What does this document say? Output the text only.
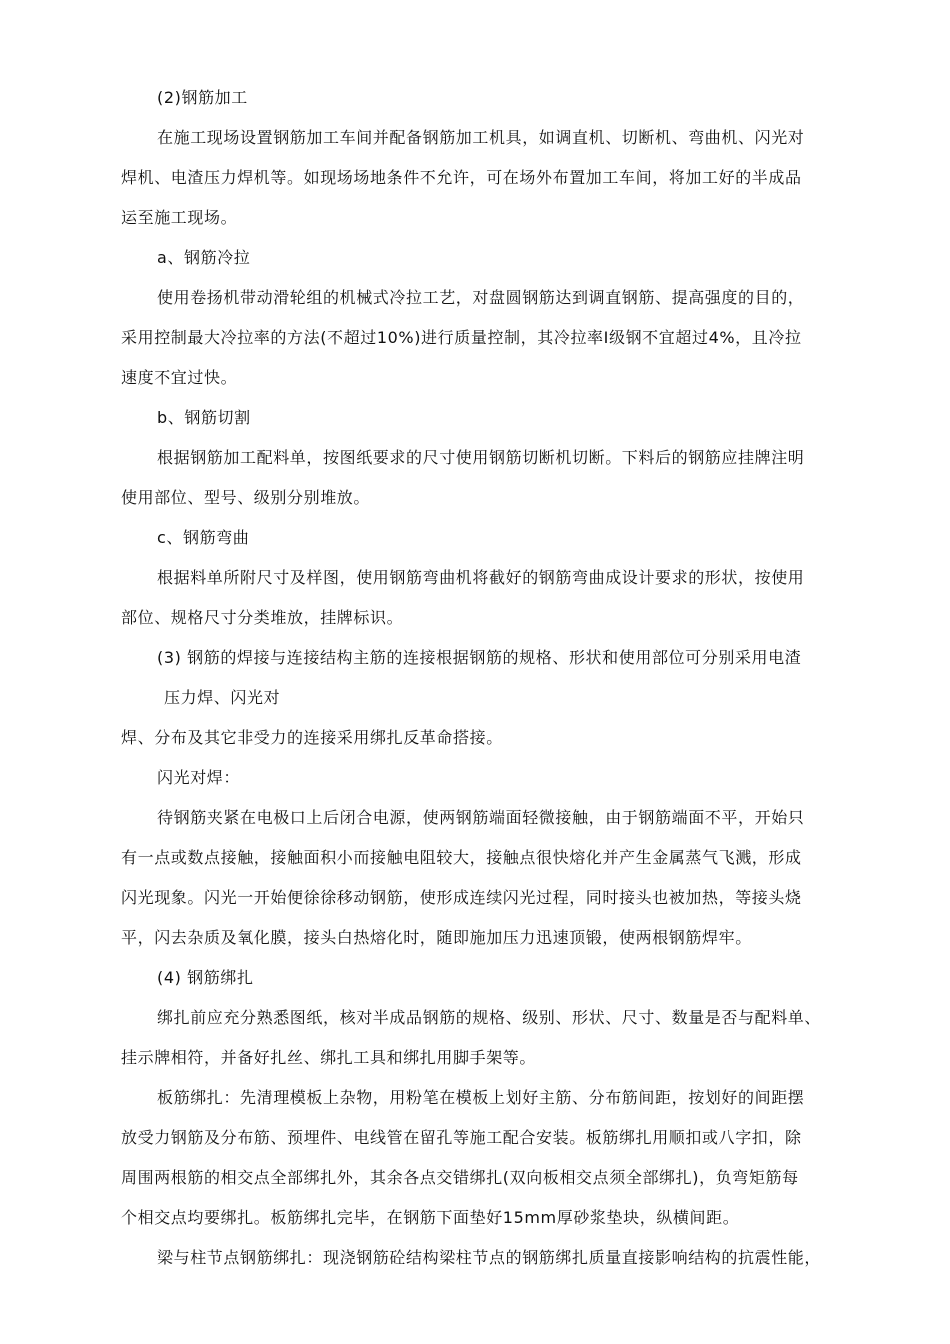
(2)钢筋加工
在施工现场设置钢筋加工车间并配备钢筋加工机具，如调直机、切断机、弯曲机、闪光对
焊机、电渣压力焊机等。如现场场地条件不允许，可在场外布置加工车间，将加工好的半成品
运至施工现场。
a、钢筋冷拉
使用卷扬机带动滑轮组的机械式冷拉工艺，对盘圆钢筋达到调直钢筋、提高强度的目的，
采用控制最大冷拉率的方法(不超过10%)进行质量控制，其冷拉率Ⅰ级钢不宜超过4%，且冷拉
速度不宜过快。
b、钢筋切割
根据钢筋加工配料单，按图纸要求的尺寸使用钢筋切断机切断。下料后的钢筋应挂牌注明
使用部位、型号、级别分别堆放。
c、钢筋弯曲
根据料单所附尺寸及样图，使用钢筋弯曲机将截好的钢筋弯曲成设计要求的形状，按使用
部位、规格尺寸分类堆放，挂牌标识。
(3) 钢筋的焊接与连接结构主筋的连接根据钢筋的规格、形状和使用部位可分别采用电渣
压力焊、闪光对
焊、分布及其它非受力的连接采用绑扎反革命搭接。
闪光对焊：
待钢筋夹紧在电极口上后闭合电源，使两钢筋端面轻微接触，由于钢筋端面不平，开始只
有一点或数点接触，接触面积小而接触电阻较大，接触点很快熔化并产生金属蒸气飞溅，形成
闪光现象。闪光一开始便徐徐移动钢筋，使形成连续闪光过程，同时接头也被加热，等接头烧
平，闪去杂质及氧化膜，接头白热熔化时，随即施加压力迅速顶锻，使两根钢筋焊牢。
(4) 钢筋绑扎
绑扎前应充分熟悉图纸，核对半成品钢筋的规格、级别、形状、尺寸、数量是否与配料单、
挂示牌相符，并备好扎丝、绑扎工具和绑扎用脚手架等。
板筋绑扎：先清理模板上杂物，用粉笔在模板上划好主筋、分布筋间距，按划好的间距摆
放受力钢筋及分布筋、预埋件、电线管在留孔等施工配合安装。板筋绑扎用顺扣或八字扣，除
周围两根筋的相交点全部绑扎外，其余各点交错绑扎(双向板相交点须全部绑扎)，负弯矩筋每
个相交点均要绑扎。板筋绑扎完毕，在钢筋下面垫好15mm厚砂浆垫块，纵横间距。
梁与柱节点钢筋绑扎：现浇钢筋砼结构梁柱节点的钢筋绑扎质量直接影响结构的抗震性能，
